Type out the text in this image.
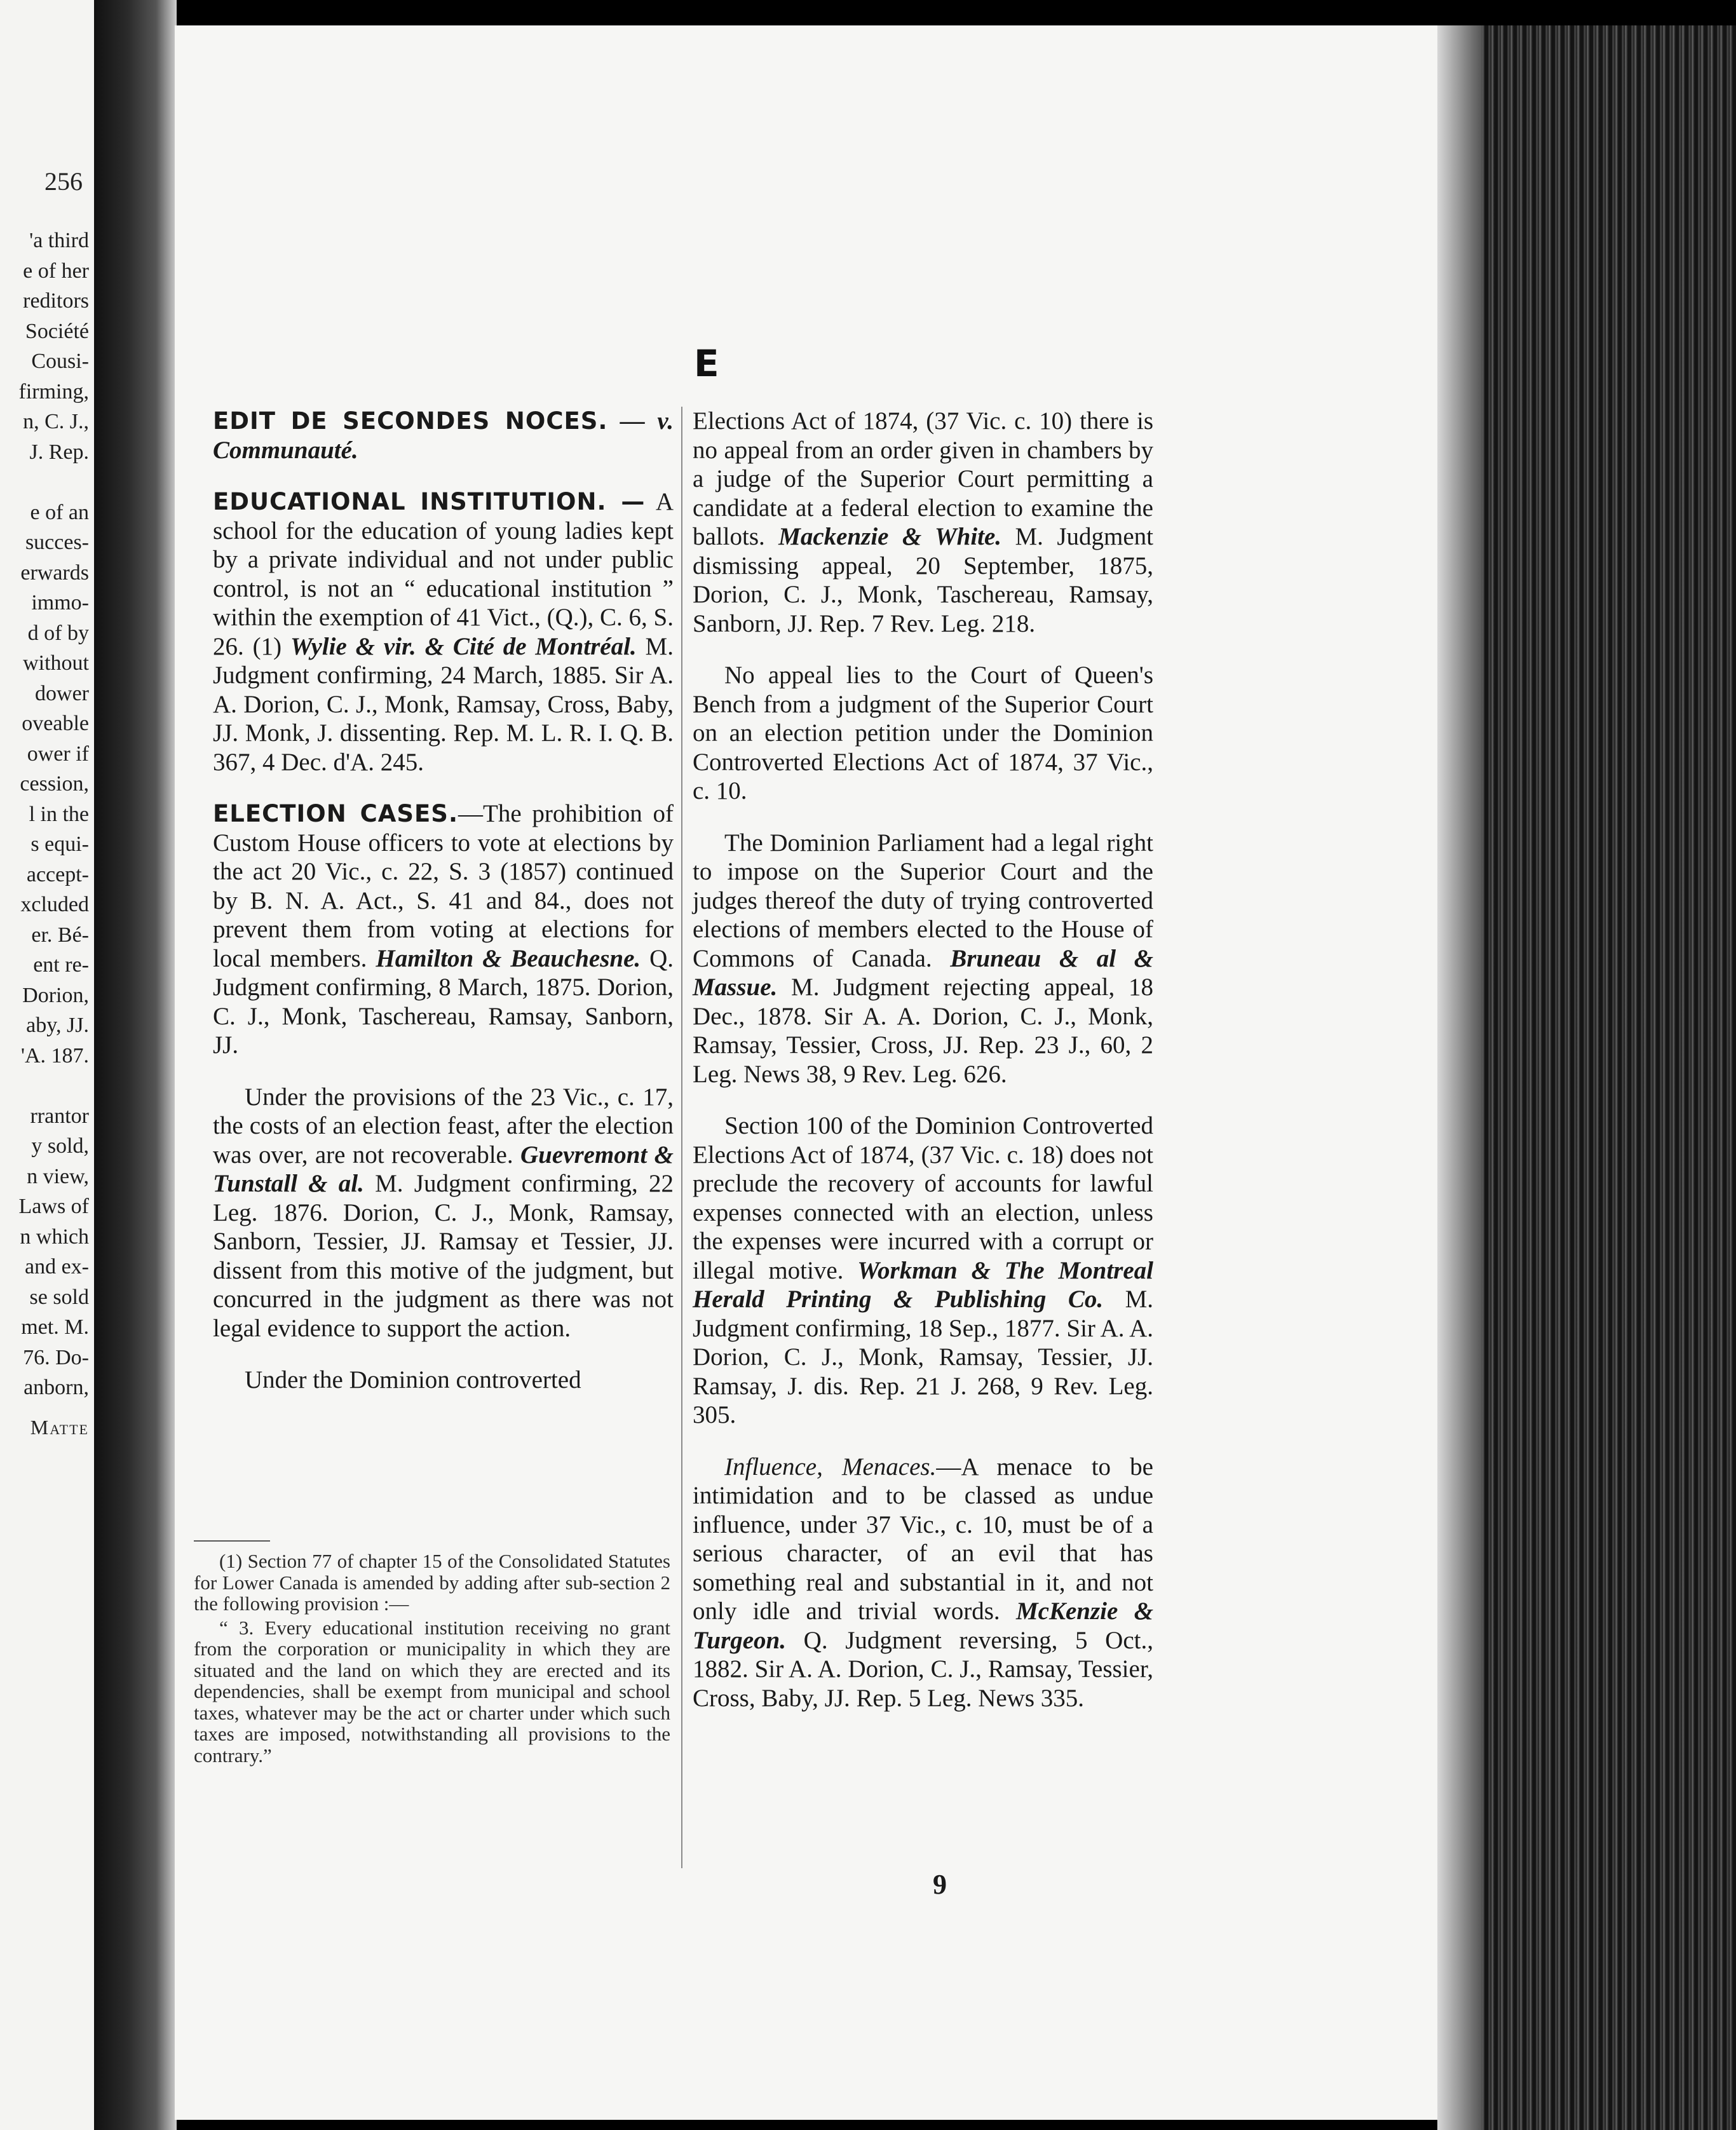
256
'a third
e of her
reditors
Société
Cousi-
firming,
n, C. J.,
J. Rep.

e of an
succes-
erwards
immo-
d of by
without
dower
oveable
ower if
cession,
l in the
s equi-
accept-
xcluded
er. Bé-
ent re-
Dorion,
aby, JJ.
'A. 187.

rrantor
y sold,
n view,
Laws of
n which
and ex-
se sold
met. M.
76. Do-
anborn,
Matte
E
EDIT DE SECONDES NOCES. — v. Communauté.
EDUCATIONAL INSTITUTION. — A school for the education of young ladies kept by a private individual and not under public control, is not an “ educational institution ” within the exemption of 41 Vict., (Q.), C. 6, S. 26. (1) Wylie & vir. & Cité de Montréal. M. Judgment confirming, 24 March, 1885. Sir A. A. Dorion, C. J., Monk, Ramsay, Cross, Baby, JJ. Monk, J. dissenting. Rep. M. L. R. I. Q. B. 367, 4 Dec. d'A. 245.
ELECTION CASES.—The prohibition of Custom House officers to vote at elections by the act 20 Vic., c. 22, S. 3 (1857) continued by B. N. A. Act., S. 41 and 84., does not prevent them from voting at elections for local members. Hamilton & Beauchesne. Q. Judgment confirming, 8 March, 1875. Dorion, C. J., Monk, Taschereau, Ramsay, Sanborn, JJ.
Under the provisions of the 23 Vic., c. 17, the costs of an election feast, after the election was over, are not recoverable. Guevremont & Tunstall & al. M. Judgment confirming, 22 Leg. 1876. Dorion, C. J., Monk, Ramsay, Sanborn, Tessier, JJ. Ramsay et Tessier, JJ. dissent from this motive of the judgment, but concurred in the judgment as there was not legal evidence to support the action.
Under the Dominion controverted

(1) Section 77 of chapter 15 of the Consolidated Statutes for Lower Canada is amended by adding after sub-section 2 the following provision :—

“ 3. Every educational institution receiving no grant from the corporation or municipality in which they are situated and the land on which they are erected and its dependencies, shall be exempt from municipal and school taxes, whatever may be the act or charter under which such taxes are imposed, notwithstanding all provisions to the contrary.”

Elections Act of 1874, (37 Vic. c. 10) there is no appeal from an order given in chambers by a judge of the Superior Court permitting a candidate at a federal election to examine the ballots. Mackenzie & White. M. Judgment dismissing appeal, 20 September, 1875, Dorion, C. J., Monk, Taschereau, Ramsay, Sanborn, JJ. Rep. 7 Rev. Leg. 218.
No appeal lies to the Court of Queen's Bench from a judgment of the Superior Court on an election petition under the Dominion Controverted Elections Act of 1874, 37 Vic., c. 10.
The Dominion Parliament had a legal right to impose on the Superior Court and the judges thereof the duty of trying controverted elections of members elected to the House of Commons of Canada. Bruneau & al & Massue. M. Judgment rejecting appeal, 18 Dec., 1878. Sir A. A. Dorion, C. J., Monk, Ramsay, Tessier, Cross, JJ. Rep. 23 J., 60, 2 Leg. News 38, 9 Rev. Leg. 626.
Section 100 of the Dominion Controverted Elections Act of 1874, (37 Vic. c. 18) does not preclude the recovery of accounts for lawful expenses connected with an election, unless the expenses were incurred with a corrupt or illegal motive. Workman & The Montreal Herald Printing & Publishing Co. M. Judgment confirming, 18 Sep., 1877. Sir A. A. Dorion, C. J., Monk, Ramsay, Tessier, JJ. Ramsay, J. dis. Rep. 21 J. 268, 9 Rev. Leg. 305.
Influence, Menaces.—A menace to be intimidation and to be classed as undue influence, under 37 Vic., c. 10, must be of a serious character, of an evil that has something real and substantial in it, and not only idle and trivial words. McKenzie & Turgeon. Q. Judgment reversing, 5 Oct., 1882. Sir A. A. Dorion, C. J., Ramsay, Tessier, Cross, Baby, JJ. Rep. 5 Leg. News 335.
9
